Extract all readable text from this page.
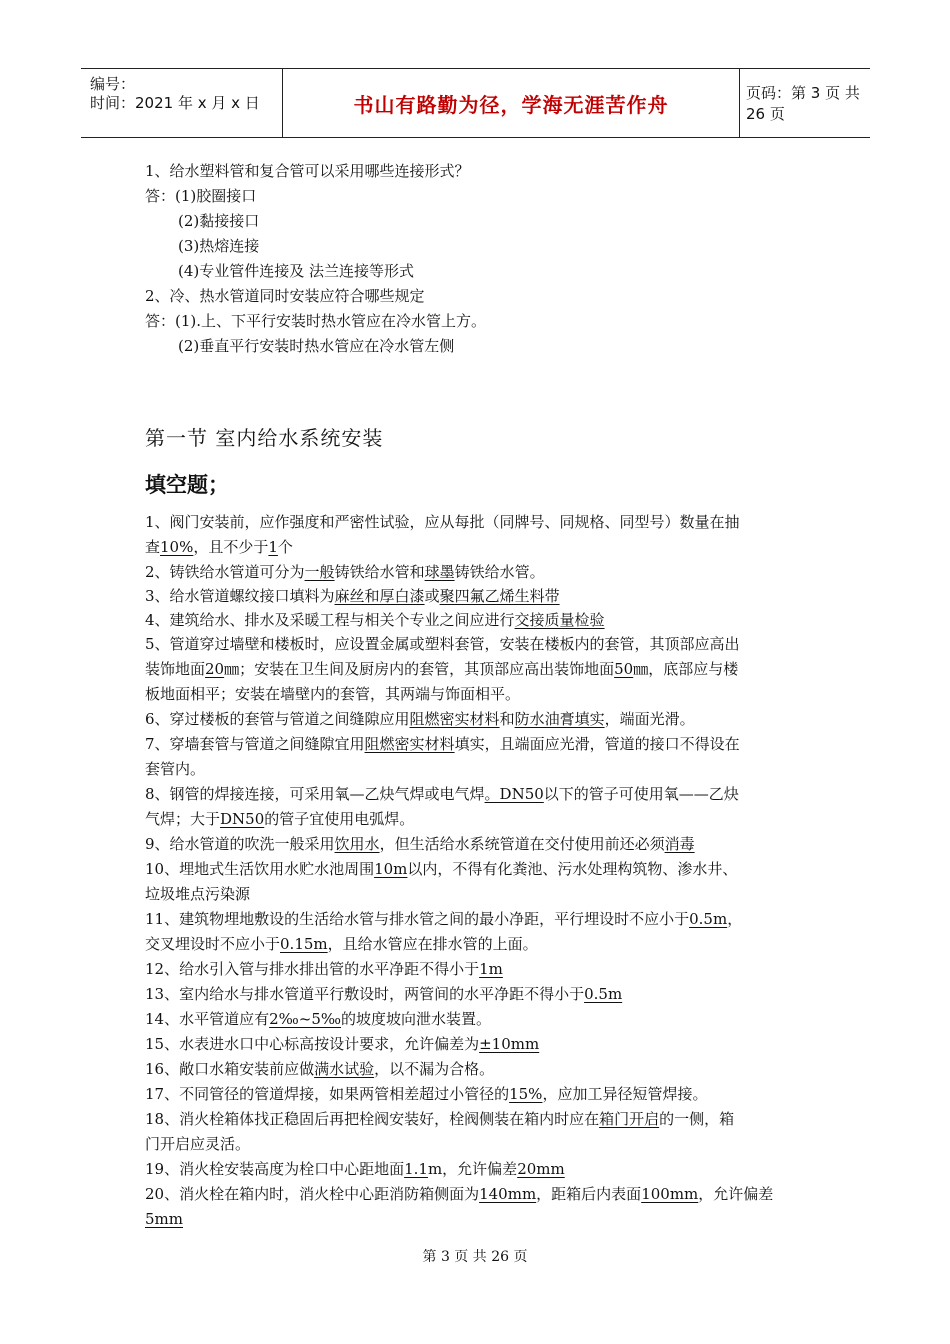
编号：
时间：2021 年 x 月 x 日	书山有路勤为径，学海无涯苦作舟	页码：第 3 页 共 26 页
1、给水塑料管和复合管可以采用哪些连接形式？
答：(1)胶圈接口
(2)黏接接口
(3)热熔连接
(4)专业管件连接及 法兰连接等形式
2、冷、热水管道同时安装应符合哪些规定
答：(1).上、下平行安装时热水管应在冷水管上方。
(2)垂直平行安装时热水管应在冷水管左侧
第一节 室内给水系统安装
填空题；
1、阀门安装前，应作强度和严密性试验，应从每批（同牌号、同规格、同型号）数量在抽
查10%，且不少于1个
2、铸铁给水管道可分为一般铸铁给水管和球墨铸铁给水管。
3、给水管道螺纹接口填料为麻丝和厚白漆或聚四氟乙烯生料带
4、建筑给水、排水及采暖工程与相关个专业之间应进行交接质量检验
5、管道穿过墙壁和楼板时，应设置金属或塑料套管，安装在楼板内的套管，其顶部应高出
装饰地面20㎜；安装在卫生间及厨房内的套管，其顶部应高出装饰地面50㎜，底部应与楼
板地面相平；安装在墙壁内的套管，其两端与饰面相平。
6、穿过楼板的套管与管道之间缝隙应用阻燃密实材料和防水油膏填实，端面光滑。
7、穿墙套管与管道之间缝隙宜用阻燃密实材料填实，且端面应光滑，管道的接口不得设在
套管内。
8、钢管的焊接连接，可采用氧—乙炔气焊或电气焊。DN50以下的管子可使用氧——乙炔
气焊；大于DN50的管子宜使用电弧焊。
9、给水管道的吹洗一般采用饮用水，但生活给水系统管道在交付使用前还必须消毒
10、埋地式生活饮用水贮水池周围10m以内，不得有化粪池、污水处理构筑物、渗水井、
垃圾堆点污染源
11、建筑物埋地敷设的生活给水管与排水管之间的最小净距，平行埋设时不应小于0.5m，
交叉埋设时不应小于0.15m，且给水管应在排水管的上面。
12、给水引入管与排水排出管的水平净距不得小于1m
13、室内给水与排水管道平行敷设时，两管间的水平净距不得小于0.5m
14、水平管道应有2‰~5‰的坡度坡向泄水装置。
15、水表进水口中心标高按设计要求，允许偏差为±10mm
16、敞口水箱安装前应做满水试验，以不漏为合格。
17、不同管径的管道焊接，如果两管相差超过小管径的15%，应加工异径短管焊接。
18、消火栓箱体找正稳固后再把栓阀安装好，栓阀侧装在箱内时应在箱门开启的一侧，箱
门开启应灵活。
19、消火栓安装高度为栓口中心距地面1.1m，允许偏差20mm
20、消火栓在箱内时，消火栓中心距消防箱侧面为140mm，距箱后内表面100mm，允许偏差
5mm
第 3 页 共 26 页
